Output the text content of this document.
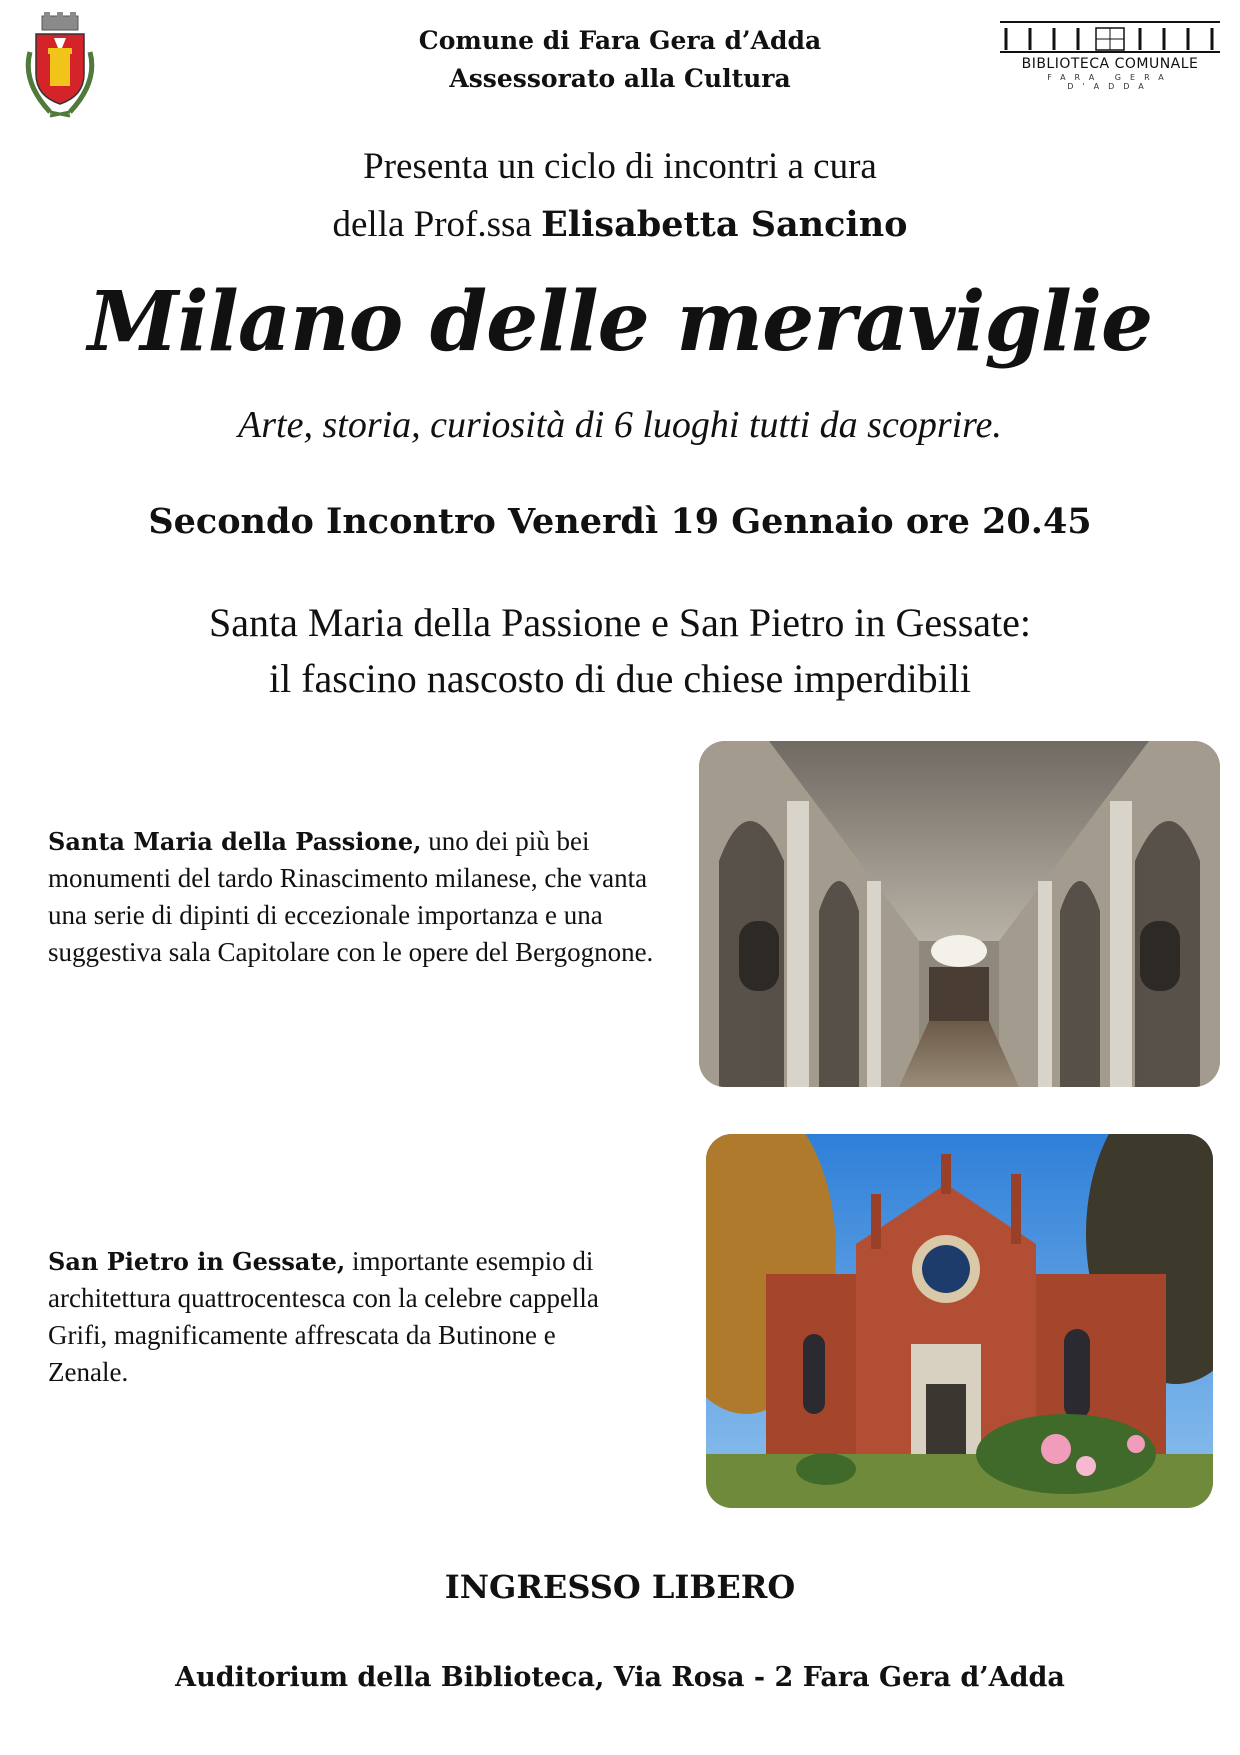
Comune di Fara Gera d’Adda
Assessorato alla Cultura	BIBLIOTECA COMUNALE
FARA GERA D'ADDA
Presenta un ciclo di incontri a cura
della Prof.ssa Elisabetta Sancino
Milano delle meraviglie
Arte, storia, curiosità di 6 luoghi tutti da scoprire.
Secondo Incontro Venerdì 19 Gennaio ore 20.45
Santa Maria della Passione e San Pietro in Gessate:
il fascino nascosto di due chiese imperdibili
Santa Maria della Passione, uno dei più bei monumenti del tardo Rinascimento milanese, che vanta una serie di dipinti di eccezionale importanza e una suggestiva sala Capitolare con le opere del Bergognone.
San Pietro in Gessate, importante esempio di architettura quattrocentesca con la celebre cappella Grifi, magnificamente affrescata da Butinone e Zenale.
INGRESSO LIBERO
Auditorium della Biblioteca, Via Rosa - 2 Fara Gera d’Adda
